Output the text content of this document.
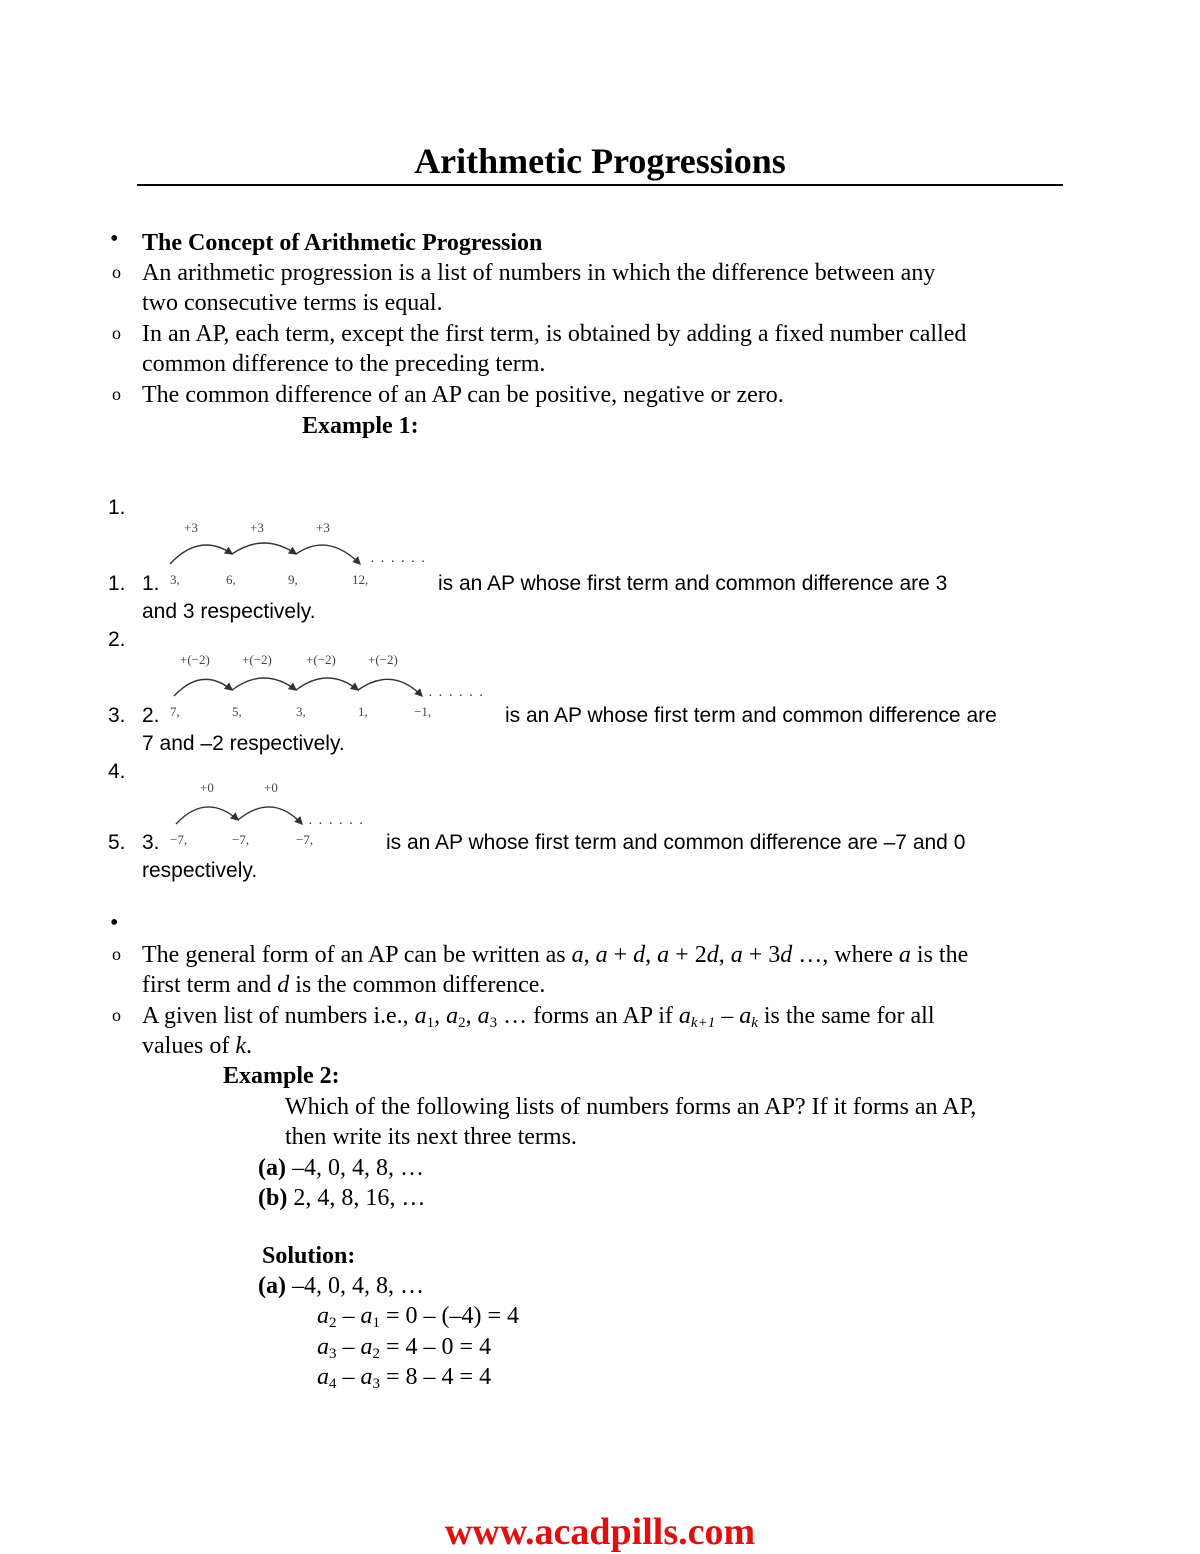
Arithmetic Progressions
• The Concept of Arithmetic Progression
o An arithmetic progression is a list of numbers in which the difference between any
two consecutive terms is equal.
o In an AP, each term, except the first term, is obtained by adding a fixed number called
common difference to the preceding term.
o The common difference of an AP can be positive, negative or zero.
Example 1:
1.
+3	+3	+3
3,	6,	9,	12,
· · · · · ·
1. 1.	is an AP whose first term and common difference are 3
and 3 respectively.
2.
+(−2) +(−2)	+(−2) +(−2)
7,	5,	3,	1,	−1,
· · · · · ·
3. 2.	is an AP whose first term and common difference are
7 and –2 respectively.
4.
+0	+0
−7,	−7,	−7,
· · · · · ·
5. 3.	is an AP whose first term and common difference are –7 and 0
respectively.
•
o The general form of an AP can be written as a, a + d, a + 2d, a + 3d …, where a is the
first term and d is the common difference.
o A given list of numbers i.e., $a_1$, $a_2$, $a_3$ … forms an AP if $a_{k+1} - a_k$ is the same for all
values of k.
Example 2:
Which of the following lists of numbers forms an AP? If it forms an AP,
then write its next three terms.
(a) –4, 0, 4, 8, …
(b) 2, 4, 8, 16, …
Solution:
(a) –4, 0, 4, 8, …
$a_2 - a_1 = 0 - (-4) = 4$
$a_3 - a_2 = 4 - 0 = 4$
$a_4 - a_3 = 8 - 4 = 4$
www.acadpills.com
